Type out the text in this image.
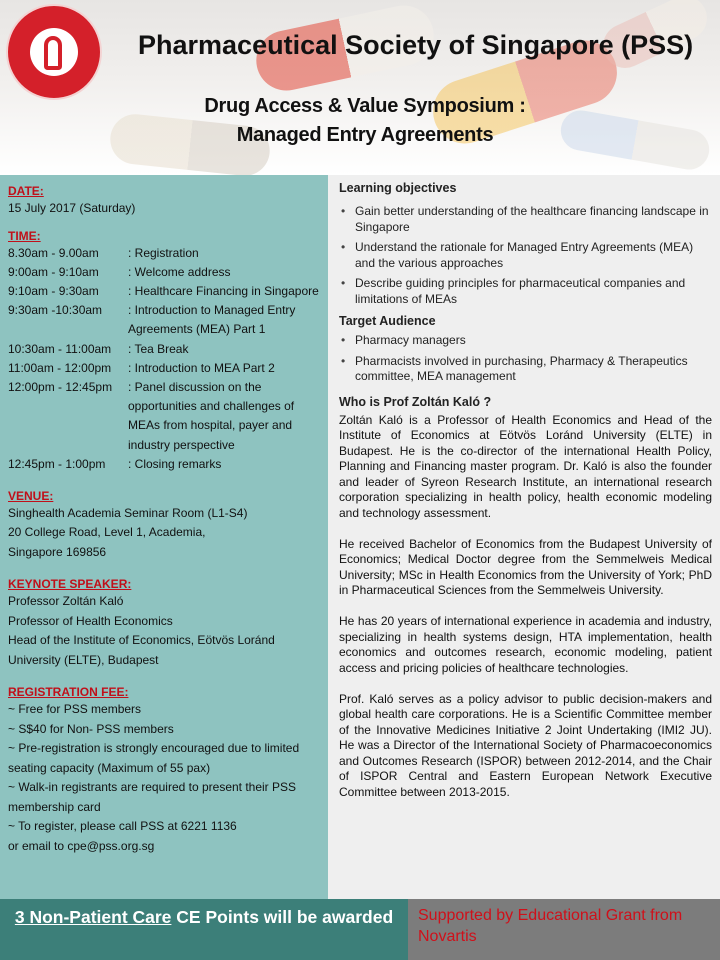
Pharmaceutical Society of Singapore (PSS)
Drug Access & Value Symposium :
Managed Entry Agreements
DATE:
15 July 2017 (Saturday)
TIME:
8.30am - 9.00am	: Registration
9:00am - 9:10am	: Welcome address
9:10am - 9:30am	: Healthcare Financing in Singapore
9:30am -10:30am	: Introduction to Managed Entry Agreements (MEA) Part 1
10:30am - 11:00am	: Tea Break
11:00am - 12:00pm	: Introduction to MEA Part 2
12:00pm - 12:45pm	: Panel discussion on the opportunities and challenges of MEAs from hospital, payer and industry perspective
12:45pm - 1:00pm	: Closing remarks
VENUE:
Singhealth Academia Seminar Room (L1-S4)
20 College Road, Level 1, Academia,
Singapore 169856
KEYNOTE SPEAKER:
Professor Zoltán Kaló
Professor of Health Economics
Head of the Institute of Economics, Eötvös Loránd University (ELTE), Budapest
REGISTRATION FEE:
~ Free for PSS members
~ S$40 for Non- PSS members
~ Pre-registration is strongly encouraged due to limited seating capacity (Maximum of 55 pax)
~ Walk-in registrants are required to present their PSS membership card
~ To register, please call PSS at 6221 1136 or email to cpe@pss.org.sg
Learning objectives
• Gain better understanding of the healthcare financing landscape in Singapore
• Understand the rationale for Managed Entry Agreements (MEA) and the various approaches
• Describe guiding principles for pharmaceutical companies and limitations of MEAs
Target Audience
• Pharmacy managers
• Pharmacists involved in purchasing, Pharmacy & Therapeutics committee, MEA management
Who is Prof Zoltán Kaló ?

Zoltán Kaló is a Professor of Health Economics and Head of the Institute of Economics at Eötvös Loránd University (ELTE) in Budapest. He is the co-director of the international Health Policy, Planning and Financing master program. Dr. Kaló is also the founder and leader of Syreon Research Institute, an international research corporation specializing in health policy, health economic modeling and technology assessment.

He received Bachelor of Economics from the Budapest University of Economics; Medical Doctor degree from the Semmelweis Medical University; MSc in Health Economics from the University of York; PhD in Pharmaceutical Sciences from the Semmelweis University.

He has 20 years of international experience in academia and industry, specializing in health systems design, HTA implementation, health economics and outcomes research, economic modeling, patient access and pricing policies of healthcare technologies.

Prof. Kaló serves as a policy advisor to public decision-makers and global health care corporations. He is a Scientific Committee member of the Innovative Medicines Initiative 2 Joint Undertaking (IMI2 JU). He was a Director of the International Society of Pharmacoeconomics and Outcomes Research (ISPOR) between 2012-2014, and the Chair of ISPOR Central and Eastern European Network Executive Committee between 2013-2015.

3 Non-Patient Care CE Points will be awarded	Supported by Educational Grant from Novartis
